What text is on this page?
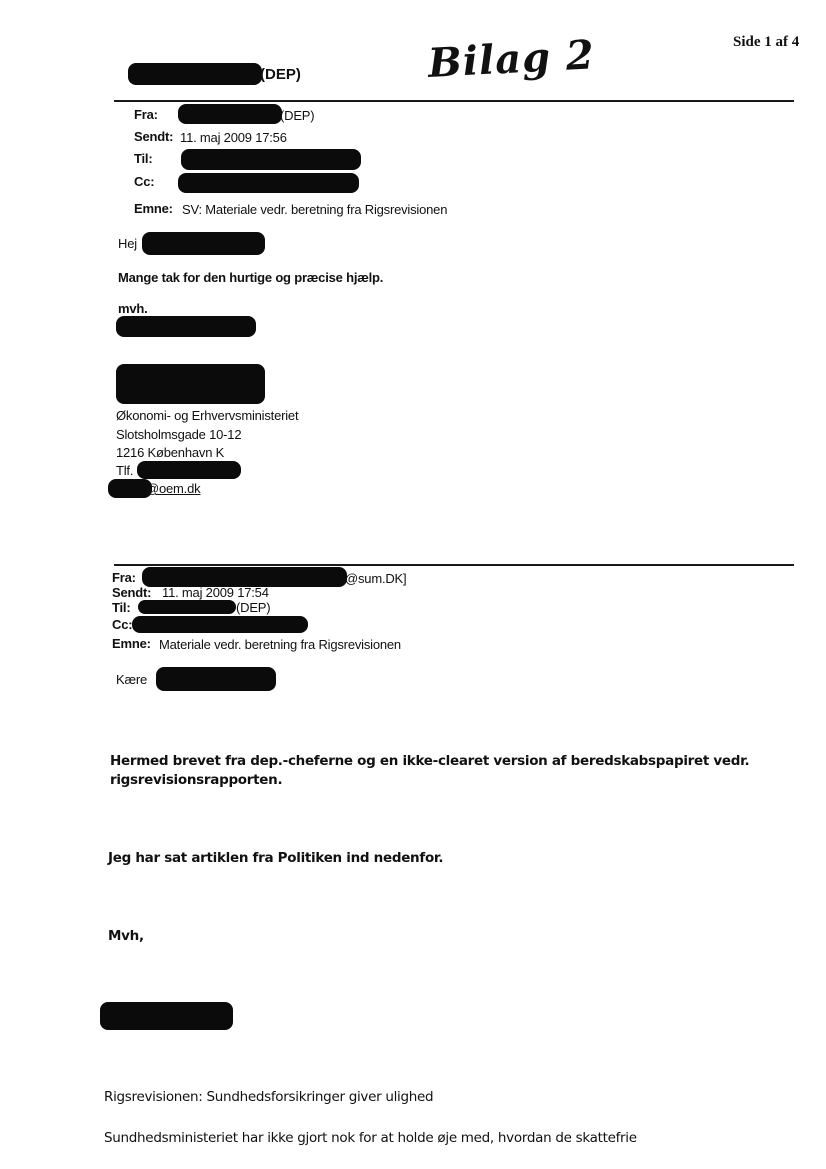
Side 1 af 4
Bilag 2
(DEP)
Fra:	(DEP)
Sendt: 11. maj 2009 17:56
Til:
Cc:
Emne: SV: Materiale vedr. beretning fra Rigsrevisionen
Hej
Mange tak for den hurtige og præcise hjælp.
mvh.
Økonomi- og Erhvervsministeriet
Slotsholmsgade 10-12
1216 København K
Tlf.
@oem.dk
Fra:	@sum.DK]
Sendt: 11. maj 2009 17:54
Til:	(DEP)
Cc:
Emne: Materiale vedr. beretning fra Rigsrevisionen
Kære
Hermed brevet fra dep.-cheferne og en ikke-clearet version af beredskabspapiret vedr.
rigsrevisionsrapporten.
Jeg har sat artiklen fra Politiken ind nedenfor.
Mvh,
Rigsrevisionen: Sundhedsforsikringer giver ulighed
Sundhedsministeriet har ikke gjort nok for at holde øje med, hvordan de skattefrie
